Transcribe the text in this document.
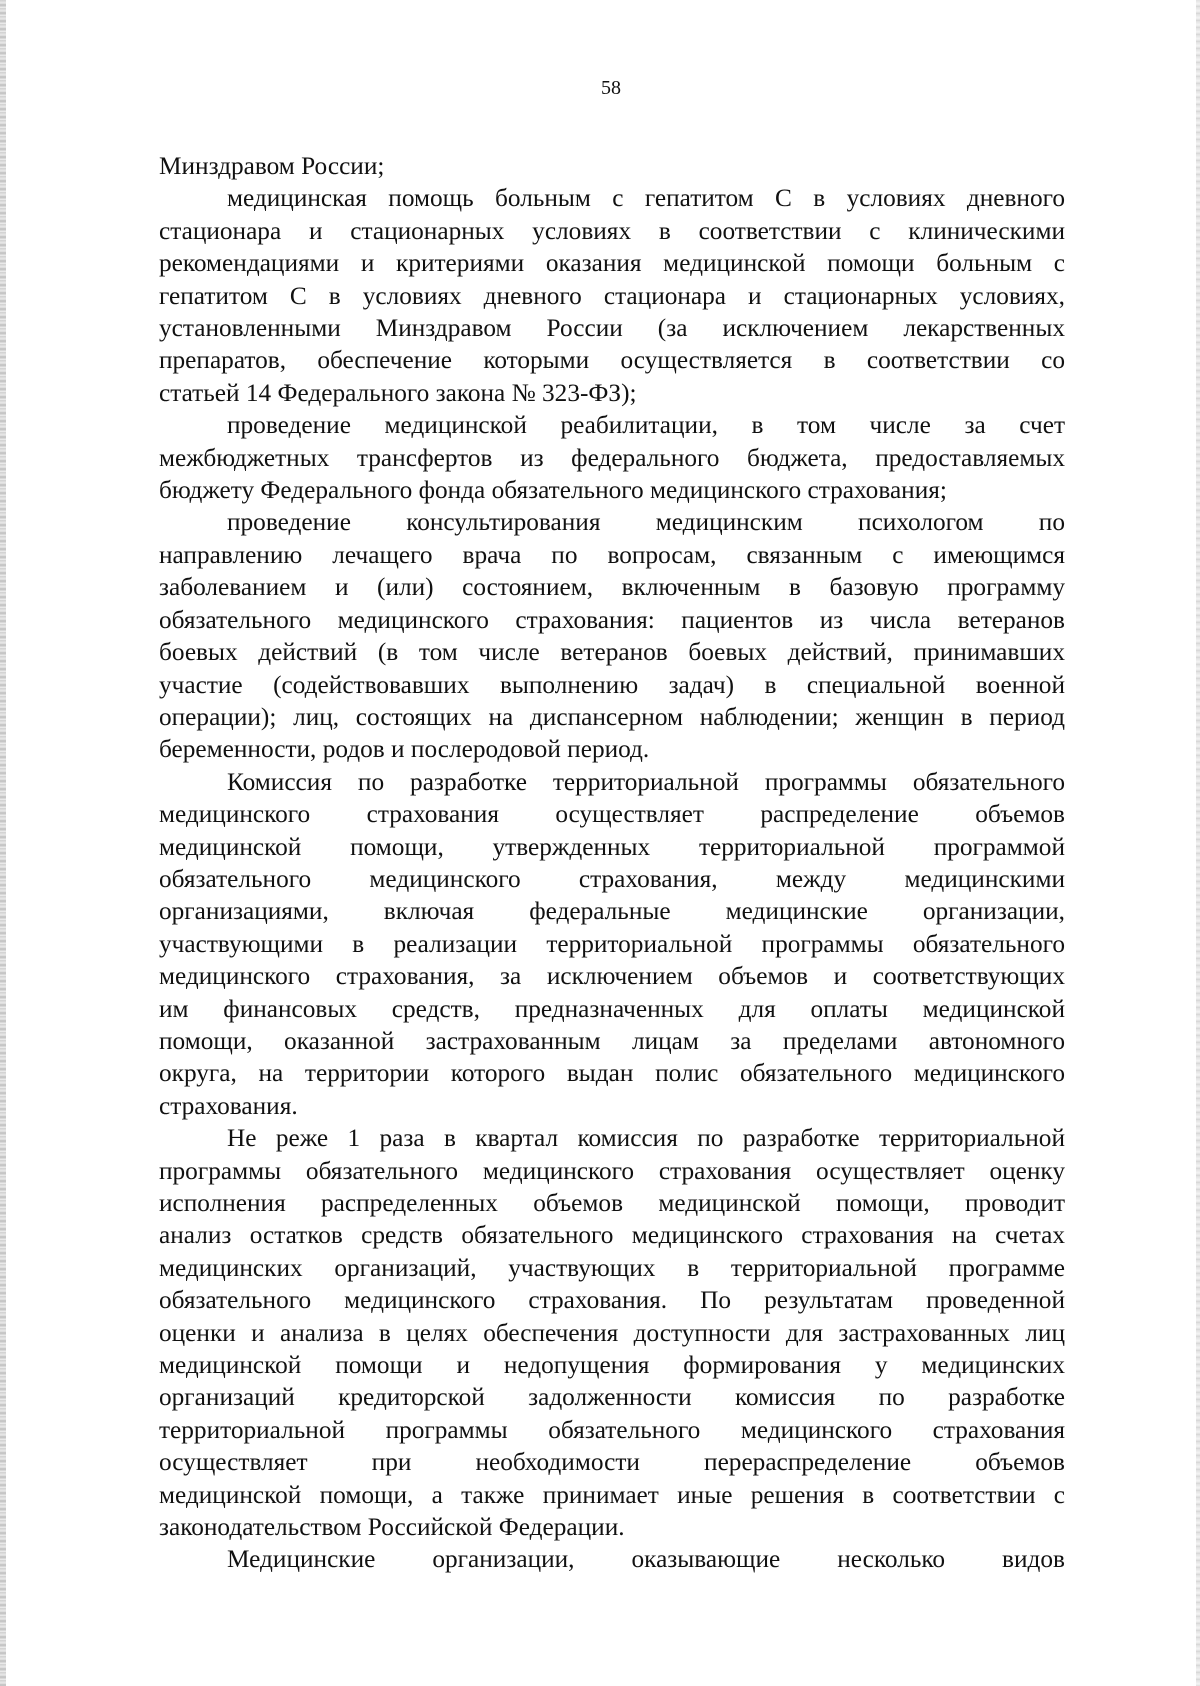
58
Минздравом России;
медицинская помощь больным с гепатитом С в условиях дневного
стационара и стационарных условиях в соответствии с клиническими
рекомендациями и критериями оказания медицинской помощи больным с
гепатитом С в условиях дневного стационара и стационарных условиях,
установленными Минздравом России (за исключением лекарственных
препаратов, обеспечение которыми осуществляется в соответствии со
статьей 14 Федерального закона № 323-ФЗ);
проведение медицинской реабилитации, в том числе за счет
межбюджетных трансфертов из федерального бюджета, предоставляемых
бюджету Федерального фонда обязательного медицинского страхования;
проведение консультирования медицинским психологом по
направлению лечащего врача по вопросам, связанным с имеющимся
заболеванием и (или) состоянием, включенным в базовую программу
обязательного медицинского страхования: пациентов из числа ветеранов
боевых действий (в том числе ветеранов боевых действий, принимавших
участие (содействовавших выполнению задач) в специальной военной
операции); лиц, состоящих на диспансерном наблюдении; женщин в период
беременности, родов и послеродовой период.
Комиссия по разработке территориальной программы обязательного
медицинского страхования осуществляет распределение объемов
медицинской помощи, утвержденных территориальной программой
обязательного медицинского страхования, между медицинскими
организациями, включая федеральные медицинские организации,
участвующими в реализации территориальной программы обязательного
медицинского страхования, за исключением объемов и соответствующих
им финансовых средств, предназначенных для оплаты медицинской
помощи, оказанной застрахованным лицам за пределами автономного
округа, на территории которого выдан полис обязательного медицинского
страхования.
Не реже 1 раза в квартал комиссия по разработке территориальной
программы обязательного медицинского страхования осуществляет оценку
исполнения распределенных объемов медицинской помощи, проводит
анализ остатков средств обязательного медицинского страхования на счетах
медицинских организаций, участвующих в территориальной программе
обязательного медицинского страхования. По результатам проведенной
оценки и анализа в целях обеспечения доступности для застрахованных лиц
медицинской помощи и недопущения формирования у медицинских
организаций кредиторской задолженности комиссия по разработке
территориальной программы обязательного медицинского страхования
осуществляет при необходимости перераспределение объемов
медицинской помощи, а также принимает иные решения в соответствии с
законодательством Российской Федерации.
Медицинские организации, оказывающие несколько видов
